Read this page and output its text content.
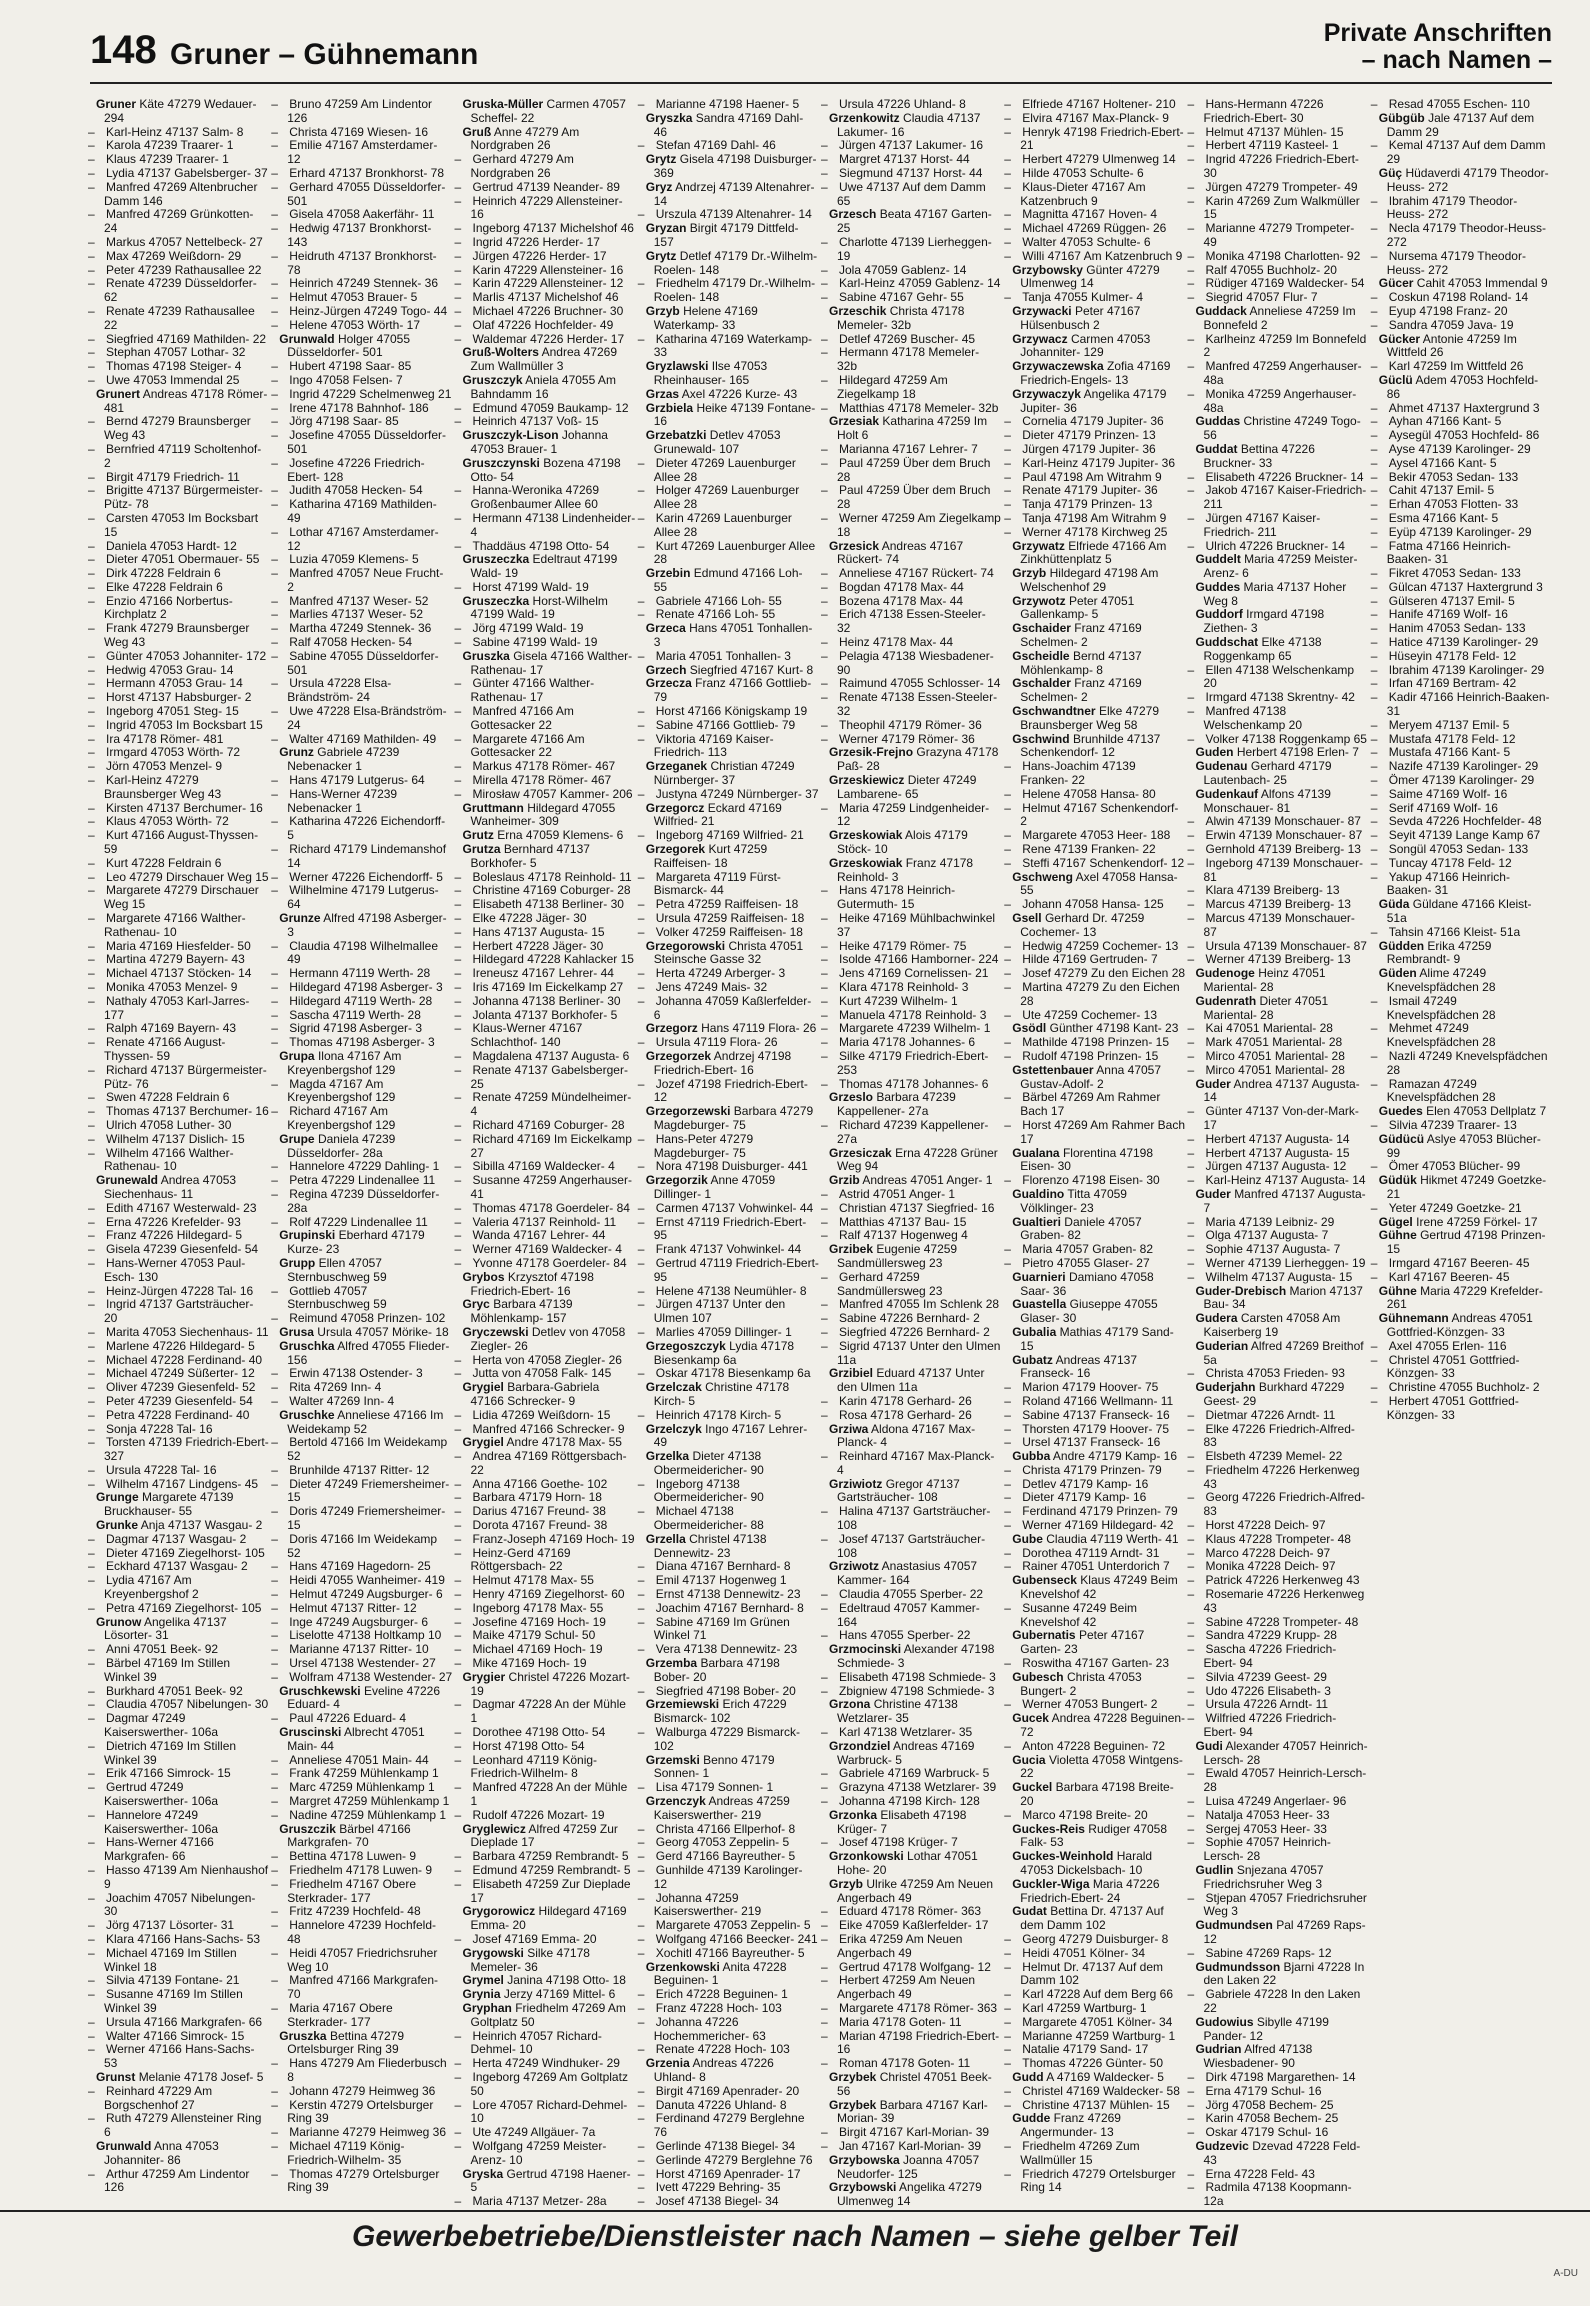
148 Gruner – Gühnemann
Private Anschriften
– nach Namen –
Gruner Käte 47279 Wedauer- 294
– Karl-Heinz 47137 Salm- 8
– Karola 47239 Traarer- 1
– Klaus 47239 Traarer- 1
– Lydia 47137 Gabelsberger- 37
– Manfred 47269 Altenbrucher Damm 146
– Manfred 47269 Grünkotten- 24
– Markus 47057 Nettelbeck- 27
– Max 47269 Weißdorn- 29
– Peter 47239 Rathausallee 22
– Renate 47239 Düsseldorfer- 62
– Renate 47239 Rathausallee 22
– Siegfried 47169 Mathilden- 22
– Stephan 47057 Lothar- 32
– Thomas 47198 Steiger- 4
– Uwe 47053 Immendal 25
Grunert Andreas 47178 Römer- 481
– Bernd 47279 Braunsberger Weg 43
– Bernfried 47119 Scholtenhof- 2
– Birgit 47179 Friedrich- 11
– Brigitte 47137 Bürgermeister-Pütz- 78
– Carsten 47053 Im Bocksbart 15
– Daniela 47053 Hardt- 12
– Dieter 47051 Obermauer- 55
– Dirk 47228 Feldrain 6
– Elke 47228 Feldrain 6
– Enzio 47166 Norbertus-Kirchplatz 2
– Frank 47279 Braunsberger Weg 43
– Günter 47053 Johanniter- 172
– Hedwig 47053 Grau- 14
– Hermann 47053 Grau- 14
– Horst 47137 Habsburger- 2
– Ingeborg 47051 Steg- 15
– Ingrid 47053 Im Bocksbart 15
– Ira 47178 Römer- 481
– Irmgard 47053 Wörth- 72
– Jörn 47053 Menzel- 9
– Karl-Heinz 47279 Braunsberger Weg 43
– Kirsten 47137 Berchumer- 16
– Klaus 47053 Wörth- 72
– Kurt 47166 August-Thyssen- 59
– Kurt 47228 Feldrain 6
– Leo 47279 Dirschauer Weg 15
– Margarete 47279 Dirschauer Weg 15
– Margarete 47166 Walther-Rathenau- 10
– Maria 47169 Hiesfelder- 50
– Martina 47279 Bayern- 43
– Michael 47137 Stöcken- 14
– Monika 47053 Menzel- 9
– Nathaly 47053 Karl-Jarres- 177
– Ralph 47169 Bayern- 43
– Renate 47166 August-Thyssen- 59
– Richard 47137 Bürgermeister-Pütz- 76
– Swen 47228 Feldrain 6
– Thomas 47137 Berchumer- 16
– Ulrich 47058 Luther- 30
– Wilhelm 47137 Dislich- 15
– Wilhelm 47166 Walther-Rathenau- 10
Grunewald Andrea 47053 Siechenhaus- 11
– Edith 47167 Westerwald- 23
– Erna 47226 Krefelder- 93
– Franz 47226 Hildegard- 5
– Gisela 47239 Giesenfeld- 54
– Hans-Werner 47053 Paul-Esch- 130
– Heinz-Jürgen 47228 Tal- 16
– Ingrid 47137 Gartsträucher- 20
– Marita 47053 Siechenhaus- 11
– Marlene 47226 Hildegard- 5
– Michael 47228 Ferdinand- 40
– Michael 47249 Süßerter- 12
– Oliver 47239 Giesenfeld- 52
– Peter 47239 Giesenfeld- 54
– Petra 47228 Ferdinand- 40
– Sonja 47228 Tal- 16
– Torsten 47139 Friedrich-Ebert- 327
– Ursula 47228 Tal- 16
– Wilhelm 47167 Lindgens- 45
Grunge Margarete 47139 Bruckhauser- 55
Grunke Anja 47137 Wasgau- 2
– Dagmar 47137 Wasgau- 2
– Dieter 47169 Ziegelhorst- 105
– Eckhard 47137 Wasgau- 2
– Lydia 47167 Am Kreyenbergshof 2
– Petra 47169 Ziegelhorst- 105
Grunow Angelika 47137 Lösorter- 31
– Anni 47051 Beek- 92
– Bärbel 47169 Im Stillen Winkel 39
– Burkhard 47051 Beek- 92
– Claudia 47057 Nibelungen- 30
– Dagmar 47249 Kaiserswerther- 106a
– Dietrich 47169 Im Stillen Winkel 39
– Erik 47166 Simrock- 15
– Gertrud 47249 Kaiserswerther- 106a
– Hannelore 47249 Kaiserswerther- 106a
– Hans-Werner 47166 Markgrafen- 66
– Hasso 47139 Am Nienhaushof 9
– Joachim 47057 Nibelungen- 30
– Jörg 47137 Lösorter- 31
– Klara 47166 Hans-Sachs- 53
– Michael 47169 Im Stillen Winkel 18
– Silvia 47139 Fontane- 21
– Susanne 47169 Im Stillen Winkel 39
– Ursula 47166 Markgrafen- 66
– Walter 47166 Simrock- 15
– Werner 47166 Hans-Sachs- 53
Grunst Melanie 47178 Josef- 5
– Reinhard 47229 Am Borgschenhof 27
– Ruth 47279 Allensteiner Ring 6
Grunwald Anna 47053 Johanniter- 86
– Arthur 47259 Am Lindentor 126
– Bruno 47259 Am Lindentor 126
– Christa 47169 Wiesen- 16
– Emilie 47167 Amsterdamer- 12
– Erhard 47137 Bronkhorst- 78
– Gerhard 47055 Düsseldorfer- 501
– Gisela 47058 Aakerfähr- 11
– Hedwig 47137 Bronkhorst- 143
– Heidruth 47137 Bronkhorst- 78
– Heinrich 47249 Stennek- 36
– Helmut 47053 Brauer- 5
– Heinz-Jürgen 47249 Togo- 44
– Helene 47053 Wörth- 17
Grunwald Holger 47055 Düsseldorfer- 501
– Hubert 47198 Saar- 85
– Ingo 47058 Felsen- 7
– Ingrid 47229 Schelmenweg 21
– Irene 47178 Bahnhof- 186
– Jörg 47198 Saar- 85
– Josefine 47055 Düsseldorfer- 501
– Josefine 47226 Friedrich-Ebert- 128
– Judith 47058 Hecken- 54
– Katharina 47169 Mathilden- 49
– Lothar 47167 Amsterdamer- 12
– Luzia 47059 Klemens- 5
– Manfred 47057 Neue Frucht- 2
– Manfred 47137 Weser- 52
– Marlies 47137 Weser- 52
– Martha 47249 Stennek- 36
– Ralf 47058 Hecken- 54
– Sabine 47055 Düsseldorfer- 501
– Ursula 47228 Elsa-Brändström- 24
– Uwe 47228 Elsa-Brändström- 24
– Walter 47169 Mathilden- 49
Grunz Gabriele 47239 Nebenacker 1
– Hans 47179 Lutgerus- 64
– Hans-Werner 47239 Nebenacker 1
– Katharina 47226 Eichendorff- 5
– Richard 47179 Lindemanshof 14
– Werner 47226 Eichendorff- 5
– Wilhelmine 47179 Lutgerus- 64
Grunze Alfred 47198 Asberger- 3
– Claudia 47198 Wilhelmallee 49
– Hermann 47119 Werth- 28
– Hildegard 47198 Asberger- 3
– Hildegard 47119 Werth- 28
– Sascha 47119 Werth- 28
– Sigrid 47198 Asberger- 3
– Thomas 47198 Asberger- 3
Grupa Ilona 47167 Am Kreyenbergshof 129
– Magda 47167 Am Kreyenbergshof 129
– Richard 47167 Am Kreyenbergshof 129
Grupe Daniela 47239 Düsseldorfer- 28a
– Hannelore 47229 Dahling- 1
– Petra 47229 Lindenallee 11
– Regina 47239 Düsseldorfer- 28a
– Rolf 47229 Lindenallee 11
Grupinski Eberhard 47179 Kurze- 23
Grupp Ellen 47057 Sternbuschweg 59
– Gottlieb 47057 Sternbuschweg 59
– Reimund 47058 Prinzen- 102
Grusa Ursula 47057 Mörike- 18
Gruschka Alfred 47055 Flieder- 156
– Erwin 47138 Ostender- 3
– Rita 47269 Inn- 4
– Walter 47269 Inn- 4
Gruschke Anneliese 47166 Im Weidekamp 52
– Bertold 47166 Im Weidekamp 52
– Brunhilde 47137 Ritter- 12
– Dieter 47249 Friemersheimer- 15
– Doris 47249 Friemersheimer- 15
– Doris 47166 Im Weidekamp 52
– Hans 47169 Hagedorn- 25
– Heidi 47055 Wanheimer- 419
– Helmut 47249 Augsburger- 6
– Helmut 47137 Ritter- 12
– Inge 47249 Augsburger- 6
– Liselotte 47138 Holtkamp 10
– Marianne 47137 Ritter- 10
– Ursel 47138 Westender- 27
– Wolfram 47138 Westender- 27
Gruschkewski Eveline 47226 Eduard- 4
– Paul 47226 Eduard- 4
Gruscinski Albrecht 47051 Main- 44
– Anneliese 47051 Main- 44
– Frank 47259 Mühlenkamp 1
– Marc 47259 Mühlenkamp 1
– Margret 47259 Mühlenkamp 1
– Nadine 47259 Mühlenkamp 1
Gruszczik Bärbel 47166 Markgrafen- 70
– Bettina 47178 Luwen- 9
– Friedhelm 47178 Luwen- 9
– Friedhelm 47167 Obere Sterkrader- 177
– Fritz 47239 Hochfeld- 48
– Hannelore 47239 Hochfeld- 48
– Heidi 47057 Friedrichsruher Weg 10
– Manfred 47166 Markgrafen- 70
– Maria 47167 Obere Sterkrader- 177
Gruszka Bettina 47279 Ortelsburger Ring 39
– Hans 47279 Am Fliederbusch 8
– Johann 47279 Heimweg 36
– Kerstin 47279 Ortelsburger Ring 39
– Marianne 47279 Heimweg 36
– Michael 47119 König-Friedrich-Wilhelm- 35
– Thomas 47279 Ortelsburger Ring 39
Gruska-Müller Carmen 47057 Scheffel- 22
Gruß Anne 47279 Am Nordgraben 26
– Gerhard 47279 Am Nordgraben 26
– Gertrud 47139 Neander- 89
– Heinrich 47229 Allensteiner- 16
– Ingeborg 47137 Michelshof 46
– Ingrid 47226 Herder- 17
– Jürgen 47226 Herder- 17
– Karin 47229 Allensteiner- 16
– Karin 47229 Allensteiner- 12
– Marlis 47137 Michelshof 46
– Michael 47226 Bruchner- 30
– Olaf 47226 Hochfelder- 49
– Waldemar 47226 Herder- 17
Gruß-Wolters Andrea 47269 Zum Wallmüller 3
Gruszczyk Aniela 47055 Am Bahndamm 16
– Edmund 47059 Baukamp- 12
– Heinrich 47137 Voß- 15
Gruszczyk-Lison Johanna 47053 Brauer- 1
Gruszczynski Bozena 47198 Otto- 54
– Hanna-Weronika 47269 Großenbaumer Allee 60
– Hermann 47138 Lindenheider- 4
– Thaddäus 47198 Otto- 54
Gruszeczka Edeltraut 47199 Wald- 19
– Horst 47199 Wald- 19
Gruszeczka Horst-Wilhelm 47199 Wald- 19
– Jörg 47199 Wald- 19
– Sabine 47199 Wald- 19
Gruszka Gisela 47166 Walther-Rathenau- 17
– Günter 47166 Walther-Rathenau- 17
– Manfred 47166 Am Gottesacker 22
– Margarete 47166 Am Gottesacker 22
– Markus 47178 Römer- 467
– Mirella 47178 Römer- 467
– Mirosław 47057 Kammer- 206
Gruttmann Hildegard 47055 Wanheimer- 309
Grutz Erna 47059 Klemens- 6
Grutza Bernhard 47137 Borkhofer- 5
– Boleslaus 47178 Reinhold- 11
– Christine 47169 Coburger- 28
– Elisabeth 47138 Berliner- 30
– Elke 47228 Jäger- 30
– Hans 47137 Augusta- 15
– Herbert 47228 Jäger- 30
– Hildegard 47228 Kahlacker 15
– Ireneusz 47167 Lehrer- 44
– Iris 47169 Im Eickelkamp 27
– Johanna 47138 Berliner- 30
– Jolanta 47137 Borkhofer- 5
– Klaus-Werner 47167 Schlachthof- 140
– Magdalena 47137 Augusta- 6
– Renate 47137 Gabelsberger- 25
– Renate 47259 Mündelheimer- 4
– Richard 47169 Coburger- 28
– Richard 47169 Im Eickelkamp 27
– Sibilla 47169 Waldecker- 4
– Susanne 47259 Angerhauser- 41
– Thomas 47178 Goerdeler- 84
– Valeria 47137 Reinhold- 11
– Wanda 47167 Lehrer- 44
– Werner 47169 Waldecker- 4
– Yvonne 47178 Goerdeler- 84
Grybos Krzysztof 47198 Friedrich-Ebert- 16
Gryc Barbara 47139 Möhlenkamp- 157
Gryczewski Detlev von 47058 Ziegler- 26
– Herta von 47058 Ziegler- 26
– Jutta von 47058 Falk- 145
Grygiel Barbara-Gabriela 47166 Schrecker- 9
– Lidia 47269 Weißdorn- 15
– Manfred 47166 Schrecker- 9
Grygiel Andre 47178 Max- 55
– Andrea 47169 Röttgersbach- 22
– Anna 47166 Goethe- 102
– Barbara 47179 Horn- 18
– Darius 47167 Freund- 38
– Dorota 47167 Freund- 38
– Franz-Joseph 47169 Hoch- 19
– Heinz-Gerd 47169 Röttgersbach- 22
– Helmut 47178 Max- 55
– Henry 47169 Ziegelhorst- 60
– Ingeborg 47178 Max- 55
– Josefine 47169 Hoch- 19
– Maike 47179 Schul- 50
– Michael 47169 Hoch- 19
– Mike 47169 Hoch- 19
Grygier Christel 47226 Mozart- 19
– Dagmar 47228 An der Mühle 1
– Dorothee 47198 Otto- 54
– Horst 47198 Otto- 54
– Leonhard 47119 König-Friedrich-Wilhelm- 8
– Manfred 47228 An der Mühle 1
– Rudolf 47226 Mozart- 19
Gryglewicz Alfred 47259 Zur Dieplade 17
– Barbara 47259 Rembrandt- 5
– Edmund 47259 Rembrandt- 5
– Elisabeth 47259 Zur Dieplade 17
Grygorowicz Hildegard 47169 Emma- 20
– Josef 47169 Emma- 20
Grygowski Silke 47178 Memeler- 36
Grymel Janina 47198 Otto- 18
Grynia Jerzy 47169 Mittel- 6
Gryphan Friedhelm 47269 Am Goltplatz 50
– Heinrich 47057 Richard-Dehmel- 10
– Herta 47249 Windhuker- 29
– Ingeborg 47269 Am Goltplatz 50
– Lore 47057 Richard-Dehmel- 10
– Ute 47249 Allgäuer- 7a
– Wolfgang 47259 Meister-Arenz- 10
Gryska Gertrud 47198 Haener- 5
– Maria 47137 Metzer- 28a
– Marianne 47198 Haener- 5
Gryszka Sandra 47169 Dahl- 46
– Stefan 47169 Dahl- 46
Grytz Gisela 47198 Duisburger- 369
Gryz Andrzej 47139 Altenahrer- 14
– Urszula 47139 Altenahrer- 14
Gryzan Birgit 47179 Dittfeld- 157
Grytz Detlef 47179 Dr.-Wilhelm-Roelen- 148
– Friedhelm 47179 Dr.-Wilhelm-Roelen- 148
Grzyb Helene 47169 Waterkamp- 33
– Katharina 47169 Waterkamp- 33
Gryzlawski Ilse 47053 Rheinhauser- 165
Grzas Axel 47226 Kurze- 43
Grzbiela Heike 47139 Fontane- 16
Grzebatzki Detlev 47053 Grunewald- 107
– Dieter 47269 Lauenburger Allee 28
– Holger 47269 Lauenburger Allee 28
– Karin 47269 Lauenburger Allee 28
– Kurt 47269 Lauenburger Allee 28
Grzebin Edmund 47166 Loh- 55
– Gabriele 47166 Loh- 55
– Renate 47166 Loh- 55
Grzeca Hans 47051 Tonhallen- 3
– Maria 47051 Tonhallen- 3
Grzech Siegfried 47167 Kurt- 8
Grzecza Franz 47166 Gottlieb- 79
– Horst 47166 Königskamp 19
– Sabine 47166 Gottlieb- 79
– Viktoria 47169 Kaiser-Friedrich- 113
Grzeganek Christian 47249 Nürnberger- 37
– Justyna 47249 Nürnberger- 37
Grzegorcz Eckard 47169 Wilfried- 21
– Ingeborg 47169 Wilfried- 21
Grzegorek Kurt 47259 Raiffeisen- 18
– Margareta 47119 Fürst-Bismarck- 44
– Petra 47259 Raiffeisen- 18
– Ursula 47259 Raiffeisen- 18
– Volker 47259 Raiffeisen- 18
Grzegorowski Christa 47051 Steinsche Gasse 32
– Herta 47249 Arberger- 3
– Jens 47249 Mais- 32
– Johanna 47059 Kaßlerfelder- 6
Grzegorz Hans 47119 Flora- 26
– Ursula 47119 Flora- 26
Grzegorzek Andrzej 47198 Friedrich-Ebert- 16
– Jozef 47198 Friedrich-Ebert- 12
Grzegorzewski Barbara 47279 Magdeburger- 75
– Hans-Peter 47279 Magdeburger- 75
– Nora 47198 Duisburger- 441
Grzegorzik Anne 47059 Dillinger- 1
– Carmen 47137 Vohwinkel- 44
– Ernst 47119 Friedrich-Ebert- 95
– Frank 47137 Vohwinkel- 44
– Gertrud 47119 Friedrich-Ebert- 95
– Helene 47138 Neumühler- 8
– Jürgen 47137 Unter den Ulmen 107
– Marlies 47059 Dillinger- 1
Grzegoszczyk Lydia 47178 Biesenkamp 6a
– Oskar 47178 Biesenkamp 6a
Grzelczak Christine 47178 Kirch- 5
– Heinrich 47178 Kirch- 5
Grzelczyk Ingo 47167 Lehrer- 49
Grzelka Dieter 47138 Obermeidericher- 90
– Ingeborg 47138 Obermeidericher- 90
– Michael 47138 Obermeidericher- 88
Grzella Christel 47138 Dennewitz- 23
– Diana 47167 Bernhard- 8
– Emil 47137 Hogenweg 1
– Ernst 47138 Dennewitz- 23
– Joachim 47167 Bernhard- 8
– Sabine 47169 Im Grünen Winkel 71
– Vera 47138 Dennewitz- 23
Grzemba Barbara 47198 Bober- 20
– Siegfried 47198 Bober- 20
Grzemiewski Erich 47229 Bismarck- 102
– Walburga 47229 Bismarck- 102
Grzemski Benno 47179 Sonnen- 1
– Lisa 47179 Sonnen- 1
Grzenczyk Andreas 47259 Kaiserswerther- 219
– Christa 47166 Ellperhof- 8
– Georg 47053 Zeppelin- 5
– Gerd 47166 Bayreuther- 5
– Gunhilde 47139 Karolinger- 12
– Johanna 47259 Kaiserswerther- 219
– Margarete 47053 Zeppelin- 5
– Wolfgang 47166 Beecker- 241
– Xochitl 47166 Bayreuther- 5
Grzenkowski Anita 47228 Beguinen- 1
– Erich 47228 Beguinen- 1
– Franz 47228 Hoch- 103
– Johanna 47226 Hochemmericher- 63
– Renate 47228 Hoch- 103
Grzenia Andreas 47226 Uhland- 8
– Birgit 47169 Apenrader- 20
– Danuta 47226 Uhland- 8
– Ferdinand 47279 Berglehne 76
– Gerlinde 47138 Biegel- 34
– Gerlinde 47279 Berglehne 76
– Horst 47169 Apenrader- 17
– Ivett 47229 Behring- 35
– Josef 47138 Biegel- 34
– Ursula 47226 Uhland- 8
Grzenkowitz Claudia 47137 Lakumer- 16
– Jürgen 47137 Lakumer- 16
– Margret 47137 Horst- 44
– Siegmund 47137 Horst- 44
– Uwe 47137 Auf dem Damm 65
Grzesch Beata 47167 Garten- 25
– Charlotte 47139 Lierheggen- 19
– Jola 47059 Gablenz- 14
– Karl-Heinz 47059 Gablenz- 14
– Sabine 47167 Gehr- 55
Grzeschik Christa 47178 Memeler- 32b
– Detlef 47269 Buscher- 45
– Hermann 47178 Memeler- 32b
– Hildegard 47259 Am Ziegelkamp 18
– Matthias 47178 Memeler- 32b
Grzesiak Katharina 47259 Im Holt 6
– Marianna 47167 Lehrer- 7
– Paul 47259 Über dem Bruch 28
– Paul 47259 Über dem Bruch 28
– Werner 47259 Am Ziegelkamp 18
Grzesick Andreas 47167 Rückert- 74
– Anneliese 47167 Rückert- 74
– Bogdan 47178 Max- 44
– Bozena 47178 Max- 44
– Erich 47138 Essen-Steeler- 32
– Heinz 47178 Max- 44
– Pelagia 47138 Wiesbadener- 90
– Raimund 47055 Schlosser- 14
– Renate 47138 Essen-Steeler- 32
– Theophil 47179 Römer- 36
– Werner 47179 Römer- 36
Grzesik-Frejno Grazyna 47178 Paß- 28
Grzeskiewicz Dieter 47249 Lambarene- 65
– Maria 47259 Lindgenheider- 12
Grzeskowiak Alois 47179 Stöck- 10
Grzeskowiak Franz 47178 Reinhold- 3
– Hans 47178 Heinrich-Gutermuth- 15
– Heike 47169 Mühlbachwinkel 37
– Heike 47179 Römer- 75
– Isolde 47166 Hamborner- 224
– Jens 47169 Cornelissen- 21
– Klara 47178 Reinhold- 3
– Kurt 47239 Wilhelm- 1
– Manuela 47178 Reinhold- 3
– Margarete 47239 Wilhelm- 1
– Maria 47178 Johannes- 6
– Silke 47179 Friedrich-Ebert- 253
– Thomas 47178 Johannes- 6
Grzeslo Barbara 47239 Kappellener- 27a
– Richard 47239 Kappellener- 27a
Grzesiczak Erna 47228 Grüner Weg 94
Grzib Andreas 47051 Anger- 1
– Astrid 47051 Anger- 1
– Christian 47137 Siegfried- 16
– Matthias 47137 Bau- 15
– Ralf 47137 Hogenweg 4
Grzibek Eugenie 47259 Sandmüllersweg 23
– Gerhard 47259 Sandmüllersweg 23
– Manfred 47055 Im Schlenk 28
– Sabine 47226 Bernhard- 2
– Siegfried 47226 Bernhard- 2
– Sigrid 47137 Unter den Ulmen 11a
Grzibiel Eduard 47137 Unter den Ulmen 11a
– Karin 47178 Gerhard- 26
– Rosa 47178 Gerhard- 26
Grziwa Aldona 47167 Max-Planck- 4
– Reinhard 47167 Max-Planck- 4
Grziwiotz Gregor 47137 Gartsträucher- 108
– Halina 47137 Gartsträucher- 108
– Josef 47137 Gartsträucher- 108
Grziwotz Anastasius 47057 Kammer- 164
– Claudia 47055 Sperber- 22
– Edeltraud 47057 Kammer- 164
– Hans 47055 Sperber- 22
Grzmocinski Alexander 47198 Schmiede- 3
– Elisabeth 47198 Schmiede- 3
– Zbigniew 47198 Schmiede- 3
Grzona Christine 47138 Wetzlarer- 35
– Karl 47138 Wetzlarer- 35
Grzondziel Andreas 47169 Warbruck- 5
– Gabriele 47169 Warbruck- 5
– Grazyna 47138 Wetzlarer- 39
– Johanna 47198 Kirch- 128
Grzonka Elisabeth 47198 Krüger- 7
– Josef 47198 Krüger- 7
Grzonkowski Lothar 47051 Hohe- 20
Grzyb Ulrike 47259 Am Neuen Angerbach 49
– Eduard 47178 Römer- 363
– Eike 47059 Kaßlerfelder- 17
– Erika 47259 Am Neuen Angerbach 49
– Gertrud 47178 Wolfgang- 12
– Herbert 47259 Am Neuen Angerbach 49
– Margarete 47178 Römer- 363
– Maria 47178 Goten- 11
– Marian 47198 Friedrich-Ebert- 16
– Roman 47178 Goten- 11
Grzybek Christel 47051 Beek- 56
Grzybek Barbara 47167 Karl-Morian- 39
– Birgit 47167 Karl-Morian- 39
– Jan 47167 Karl-Morian- 39
Grzybowska Joanna 47057 Neudorfer- 125
Grzybowski Angelika 47279 Ulmenweg 14
– Elfriede 47167 Holtener- 210
– Elvira 47167 Max-Planck- 9
– Henryk 47198 Friedrich-Ebert- 21
– Herbert 47279 Ulmenweg 14
– Hilde 47053 Schulte- 6
– Klaus-Dieter 47167 Am Katzenbruch 9
– Magnitta 47167 Hoven- 4
– Michael 47269 Rüggen- 26
– Walter 47053 Schulte- 6
– Willi 47167 Am Katzenbruch 9
Grzybowsky Günter 47279 Ulmenweg 14
– Tanja 47055 Kulmer- 4
Grzywacki Peter 47167 Hülsenbusch 2
Grzywacz Carmen 47053 Johanniter- 129
Grzywaczewska Zofia 47169 Friedrich-Engels- 13
Grzywaczyk Angelika 47179 Jupiter- 36
– Cornelia 47179 Jupiter- 36
– Dieter 47179 Prinzen- 13
– Jürgen 47179 Jupiter- 36
– Karl-Heinz 47179 Jupiter- 36
– Paul 47198 Am Witrahm 9
– Renate 47179 Jupiter- 36
– Tanja 47179 Prinzen- 13
– Tanja 47198 Am Witrahm 9
– Werner 47178 Kirchweg 25
Grzywatz Elfriede 47166 Am Zinkhüttenplatz 5
Grzyb Hildegard 47198 Am Welschenhof 29
Grzywotz Peter 47051 Gallenkamp- 5
Gschaider Franz 47169 Schelmen- 2
Gscheidle Bernd 47137 Möhlenkamp- 8
Gschalder Franz 47169 Schelmen- 2
Gschwandtner Elke 47279 Braunsberger Weg 58
Gschwind Brunhilde 47137 Schenkendorf- 12
– Hans-Joachim 47139 Franken- 22
– Helene 47058 Hansa- 80
– Helmut 47167 Schenkendorf- 2
– Margarete 47053 Heer- 188
– Rene 47139 Franken- 22
– Steffi 47167 Schenkendorf- 12
Gschweng Axel 47058 Hansa- 55
– Johann 47058 Hansa- 125
Gsell Gerhard Dr. 47259 Cochemer- 13
– Hedwig 47259 Cochemer- 13
– Hilde 47169 Gertruden- 7
– Josef 47279 Zu den Eichen 28
– Martina 47279 Zu den Eichen 28
– Ute 47259 Cochemer- 13
Gsödl Günther 47198 Kant- 23
– Mathilde 47198 Prinzen- 15
– Rudolf 47198 Prinzen- 15
Gstettenbauer Anna 47057 Gustav-Adolf- 2
– Bärbel 47269 Am Rahmer Bach 17
– Horst 47269 Am Rahmer Bach 17
Gualana Florentina 47198 Eisen- 30
– Florenzo 47198 Eisen- 30
Gualdino Titta 47059 Völklinger- 23
Gualtieri Daniele 47057 Graben- 82
– Maria 47057 Graben- 82
– Pietro 47055 Glaser- 27
Guarnieri Damiano 47058 Saar- 36
Guastella Giuseppe 47055 Glaser- 30
Gubalia Mathias 47179 Sand- 15
Gubatz Andreas 47137 Franseck- 16
– Marion 47179 Hoover- 75
– Roland 47166 Wellmann- 11
– Sabine 47137 Franseck- 16
– Thorsten 47179 Hoover- 75
– Ursel 47137 Franseck- 16
Gubba Andre 47179 Kamp- 16
– Christa 47179 Prinzen- 79
– Detlev 47179 Kamp- 16
– Dieter 47179 Kamp- 16
– Ferdinand 47179 Prinzen- 79
– Werner 47169 Hildegard- 42
Gube Claudia 47119 Werth- 41
– Dorothea 47119 Arndt- 31
– Rainer 47051 Unterdorich 7
Gubenseck Klaus 47249 Beim Knevelshof 42
– Susanne 47249 Beim Knevelshof 42
Gubernatis Peter 47167 Garten- 23
– Roswitha 47167 Garten- 23
Gubesch Christa 47053 Bungert- 2
– Werner 47053 Bungert- 2
Gucek Andrea 47228 Beguinen- 72
– Anton 47228 Beguinen- 72
Gucia Violetta 47058 Wintgens- 22
Guckel Barbara 47198 Breite- 20
– Marco 47198 Breite- 20
Guckes-Reis Rudiger 47058 Falk- 53
Guckes-Weinhold Harald 47053 Dickelsbach- 10
Guckler-Wiga Maria 47226 Friedrich-Ebert- 24
Gudat Bettina Dr. 47137 Auf dem Damm 102
– Georg 47279 Duisburger- 8
– Heidi 47051 Kölner- 34
– Helmut Dr. 47137 Auf dem Damm 102
– Karl 47228 Auf dem Berg 66
– Karl 47259 Wartburg- 1
– Margarete 47051 Kölner- 34
– Marianne 47259 Wartburg- 1
– Natalie 47179 Sand- 17
– Thomas 47226 Günter- 50
Gudd A 47169 Waldecker- 5
– Christel 47169 Waldecker- 58
– Christine 47137 Mühlen- 15
Gudde Franz 47269 Angermunder- 13
– Friedhelm 47269 Zum Wallmüller 15
– Friedrich 47279 Ortelsburger Ring 14
– Hans-Hermann 47226 Friedrich-Ebert- 30
– Helmut 47137 Mühlen- 15
– Herbert 47119 Kasteel- 1
– Ingrid 47226 Friedrich-Ebert- 30
– Jürgen 47279 Trompeter- 49
– Karin 47269 Zum Walkmüller 15
– Marianne 47279 Trompeter- 49
– Monika 47198 Charlotten- 92
– Ralf 47055 Buchholz- 20
– Rüdiger 47169 Waldecker- 54
– Siegrid 47057 Flur- 7
Guddack Anneliese 47259 Im Bonnefeld 2
– Karlheinz 47259 Im Bonnefeld 2
– Manfred 47259 Angerhauser- 48a
– Monika 47259 Angerhauser- 48a
Guddas Christine 47249 Togo- 56
Guddat Bettina 47226 Bruckner- 33
– Elisabeth 47226 Bruckner- 14
– Jakob 47167 Kaiser-Friedrich- 211
– Jürgen 47167 Kaiser-Friedrich- 211
– Ulrich 47226 Bruckner- 14
Guddelt Maria 47259 Meister-Arenz- 6
Guddes Maria 47137 Hoher Weg 8
Guddorf Irmgard 47198 Ziethen- 3
Guddschat Elke 47138 Roggenkamp 65
– Ellen 47138 Welschenkamp 20
– Irmgard 47138 Skrentny- 42
– Manfred 47138 Welschenkamp 20
– Volker 47138 Roggenkamp 65
Guden Herbert 47198 Erlen- 7
Gudenau Gerhard 47179 Lautenbach- 25
Gudenkauf Alfons 47139 Monschauer- 81
– Alwin 47139 Monschauer- 87
– Erwin 47139 Monschauer- 87
– Gernhold 47139 Breiberg- 13
– Ingeborg 47139 Monschauer- 81
– Klara 47139 Breiberg- 13
– Marcus 47139 Breiberg- 13
– Marcus 47139 Monschauer- 87
– Ursula 47139 Monschauer- 87
– Werner 47139 Breiberg- 13
Gudenoge Heinz 47051 Mariental- 28
Gudenrath Dieter 47051 Mariental- 28
– Kai 47051 Mariental- 28
– Mark 47051 Mariental- 28
– Mirco 47051 Mariental- 28
– Mirco 47051 Mariental- 28
Guder Andrea 47137 Augusta- 14
– Günter 47137 Von-der-Mark- 17
– Herbert 47137 Augusta- 14
– Herbert 47137 Augusta- 15
– Jürgen 47137 Augusta- 12
– Karl-Heinz 47137 Augusta- 14
Guder Manfred 47137 Augusta- 7
– Maria 47139 Leibniz- 29
– Olga 47137 Augusta- 7
– Sophie 47137 Augusta- 7
– Werner 47139 Lierheggen- 19
– Wilhelm 47137 Augusta- 15
Guder-Drebisch Marion 47137 Bau- 34
Gudera Carsten 47058 Am Kaiserberg 19
Guderian Alfred 47269 Breithof 5a
– Christa 47053 Frieden- 93
Guderjahn Burkhard 47229 Geest- 29
– Dietmar 47226 Arndt- 11
– Elke 47226 Friedrich-Alfred- 83
– Elsbeth 47239 Memel- 22
– Friedhelm 47226 Herkenweg 43
– Georg 47226 Friedrich-Alfred- 83
– Horst 47228 Deich- 97
– Klaus 47228 Trompeter- 48
– Marco 47228 Deich- 97
– Monika 47228 Deich- 97
– Patrick 47226 Herkenweg 43
– Rosemarie 47226 Herkenweg 43
– Sabine 47228 Trompeter- 48
– Sandra 47229 Krupp- 28
– Sascha 47226 Friedrich-Ebert- 94
– Silvia 47239 Geest- 29
– Udo 47226 Elisabeth- 3
– Ursula 47226 Arndt- 11
– Wilfried 47226 Friedrich-Ebert- 94
Gudi Alexander 47057 Heinrich-Lersch- 28
– Ewald 47057 Heinrich-Lersch- 28
– Luisa 47249 Angerlaer- 96
– Natalja 47053 Heer- 33
– Sergej 47053 Heer- 33
– Sophie 47057 Heinrich-Lersch- 28
Gudlin Snjezana 47057 Friedrichsruher Weg 3
– Stjepan 47057 Friedrichsruher Weg 3
Gudmundsen Pal 47269 Raps- 12
– Sabine 47269 Raps- 12
Gudmundsson Bjarni 47228 In den Laken 22
– Gabriele 47228 In den Laken 22
Gudowius Sibylle 47199 Pander- 12
Gudrian Alfred 47138 Wiesbadener- 90
– Dirk 47198 Margarethen- 14
– Erna 47179 Schul- 16
– Jörg 47058 Bechem- 25
– Karin 47058 Bechem- 25
– Oskar 47179 Schul- 16
Gudzevic Dzevad 47228 Feld- 43
– Erna 47228 Feld- 43
– Radmila 47138 Koopmann- 12a
– Resad 47055 Eschen- 110
Gübgüb Jale 47137 Auf dem Damm 29
– Kemal 47137 Auf dem Damm 29
Güç Hüdaverdi 47179 Theodor-Heuss- 272
– Ibrahim 47179 Theodor-Heuss- 272
– Necla 47179 Theodor-Heuss- 272
– Nursema 47179 Theodor-Heuss- 272
Gücer Cahit 47053 Immendal 9
– Coskun 47198 Roland- 14
– Eyup 47198 Franz- 20
– Sandra 47059 Java- 19
Gücker Antonie 47259 Im Wittfeld 26
– Karl 47259 Im Wittfeld 26
Güclü Adem 47053 Hochfeld- 86
– Ahmet 47137 Haxtergrund 3
– Ayhan 47166 Kant- 5
– Aysegül 47053 Hochfeld- 86
– Ayse 47139 Karolinger- 29
– Aysel 47166 Kant- 5
– Bekir 47053 Sedan- 133
– Cahit 47137 Emil- 5
– Erhan 47053 Flotten- 33
– Esma 47166 Kant- 5
– Eyüp 47139 Karolinger- 29
– Fatma 47166 Heinrich-Baaken- 31
– Fikret 47053 Sedan- 133
– Gülcan 47137 Haxtergrund 3
– Gülseren 47137 Emil- 5
– Hanife 47169 Wolf- 16
– Hanim 47053 Sedan- 133
– Hatice 47139 Karolinger- 29
– Hüseyin 47178 Feld- 12
– Ibrahim 47139 Karolinger- 29
– Irfan 47169 Bertram- 42
– Kadir 47166 Heinrich-Baaken- 31
– Meryem 47137 Emil- 5
– Mustafa 47178 Feld- 12
– Mustafa 47166 Kant- 5
– Nazife 47139 Karolinger- 29
– Ömer 47139 Karolinger- 29
– Saime 47169 Wolf- 16
– Serif 47169 Wolf- 16
– Sevda 47226 Hochfelder- 48
– Seyit 47139 Lange Kamp 67
– Songül 47053 Sedan- 133
– Tuncay 47178 Feld- 12
– Yakup 47166 Heinrich-Baaken- 31
Güda Güldane 47166 Kleist- 51a
– Tahsin 47166 Kleist- 51a
Güdden Erika 47259 Rembrandt- 9
Güden Alime 47249 Knevelspfädchen 28
– Ismail 47249 Knevelspfädchen 28
– Mehmet 47249 Knevelspfädchen 28
– Nazli 47249 Knevelspfädchen 28
– Ramazan 47249 Knevelspfädchen 28
Guedes Elen 47053 Dellplatz 7
– Silvia 47239 Traarer- 13
Güdücü Aslye 47053 Blücher- 99
– Ömer 47053 Blücher- 99
Güdük Hikmet 47249 Goetzke- 21
– Yeter 47249 Goetzke- 21
Gügel Irene 47259 Förkel- 17
Gühne Gertrud 47198 Prinzen- 15
– Irmgard 47167 Beeren- 45
– Karl 47167 Beeren- 45
Gühne Maria 47229 Krefelder- 261
Gühnemann Andreas 47051 Gottfried-Könzgen- 33
– Axel 47055 Erlen- 116
– Christel 47051 Gottfried-Könzgen- 33
– Christine 47055 Buchholz- 2
– Herbert 47051 Gottfried-Könzgen- 33
Gewerbebetriebe/Dienstleister nach Namen – siehe gelber Teil
A-DU
